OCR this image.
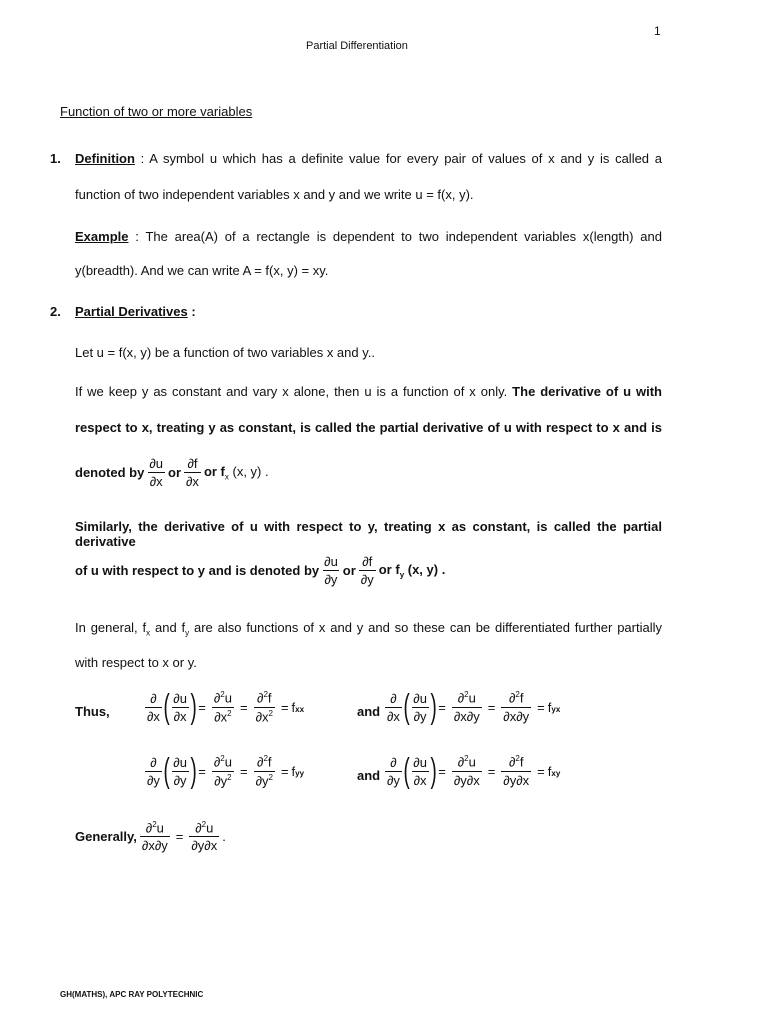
1
Partial Differentiation
Function of two or more variables
1. Definition : A symbol u which has a definite value for every pair of values of x and y is called a
function of two independent variables x and y and we write u = f(x, y).
Example : The area(A) of a rectangle is dependent to two independent variables x(length) and
y(breadth). And we can write A = f(x, y) = xy.
2. Partial Derivatives :
Let u = f(x, y) be a function of two variables x and y..
If we keep y as constant and vary x alone, then u is a function of x only. The derivative of u with
respect to x, treating y as constant, is called the partial derivative of u with respect to x and is
denoted by $\frac{\partial u}{\partial x}$ or $\frac{\partial f}{\partial x}$ or $f_x$ (x, y) .
Similarly, the derivative of u with respect to y, treating x as constant, is called the partial derivative
of u with respect to y and is denoted by $\frac{\partial u}{\partial y}$ or $\frac{\partial f}{\partial y}$ or $f_y$ (x, y) .
In general, $f_x$ and $f_y$ are also functions of x and y and so these can be differentiated further partially
with respect to x or y.
Thus,	$\frac{\partial}{\partial x}$ ( $\frac{\partial u}{\partial x}$ ) = $\frac{\partial^2u}{\partial x^2} = \frac{\partial^2f}{\partial x^2}$ = fxx	and $\frac{\partial}{\partial x}$ ( $\frac{\partial u}{\partial y}$ ) = $\frac{\partial^2u}{\partial x\partial y} = \frac{\partial^2f}{\partial x\partial y}$ = fyx
$\frac{\partial}{\partial y}$ ( $\frac{\partial u}{\partial y}$ ) = $\frac{\partial^2u}{\partial y^2} = \frac{\partial^2f}{\partial y^2}$ = fyy	and $\frac{\partial}{\partial y}$ ( $\frac{\partial u}{\partial x}$ ) = $\frac{\partial^2u}{\partial y\partial x} = \frac{\partial^2f}{\partial y\partial x}$ = fxy
Generally, $\frac{\partial^2u}{\partial x\partial y} = \frac{\partial^2u}{\partial y\partial x}$ .
GH(MATHS), APC RAY POLYTECHNIC
